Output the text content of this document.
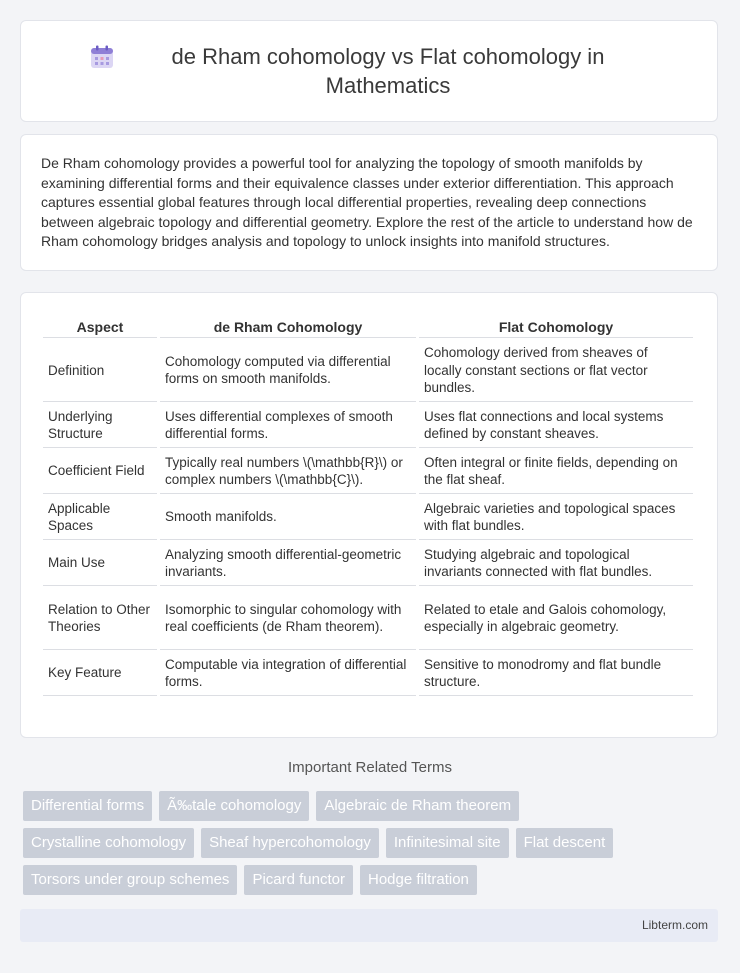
de Rham cohomology vs Flat cohomology in Mathematics

De Rham cohomology provides a powerful tool for analyzing the topology of smooth manifolds by examining differential forms and their equivalence classes under exterior differentiation. This approach captures essential global features through local differential properties, revealing deep connections between algebraic topology and differential geometry. Explore the rest of the article to understand how de Rham cohomology bridges analysis and topology to unlock insights into manifold structures.

Aspect	de Rham Cohomology	Flat Cohomology
Definition	Cohomology computed via differential forms on smooth manifolds.	Cohomology derived from sheaves of locally constant sections or flat vector bundles.
Underlying Structure	Uses differential complexes of smooth differential forms.	Uses flat connections and local systems defined by constant sheaves.
Coefficient Field	Typically real numbers \(\mathbb{R}\) or complex numbers \(\mathbb{C}\).	Often integral or finite fields, depending on the flat sheaf.
Applicable Spaces	Smooth manifolds.	Algebraic varieties and topological spaces with flat bundles.
Main Use	Analyzing smooth differential-geometric invariants.	Studying algebraic and topological invariants connected with flat bundles.
Relation to Other Theories	Isomorphic to singular cohomology with real coefficients (de Rham theorem).	Related to etale and Galois cohomology, especially in algebraic geometry.
Key Feature	Computable via integration of differential forms.	Sensitive to monodromy and flat bundle structure.
Important Related Terms
Differential forms	Ã‰tale cohomology	Algebraic de Rham theorem
Crystalline cohomology	Sheaf hypercohomology	Infinitesimal site	Flat descent
Torsors under group schemes	Picard functor	Hodge filtration
Libterm.com
